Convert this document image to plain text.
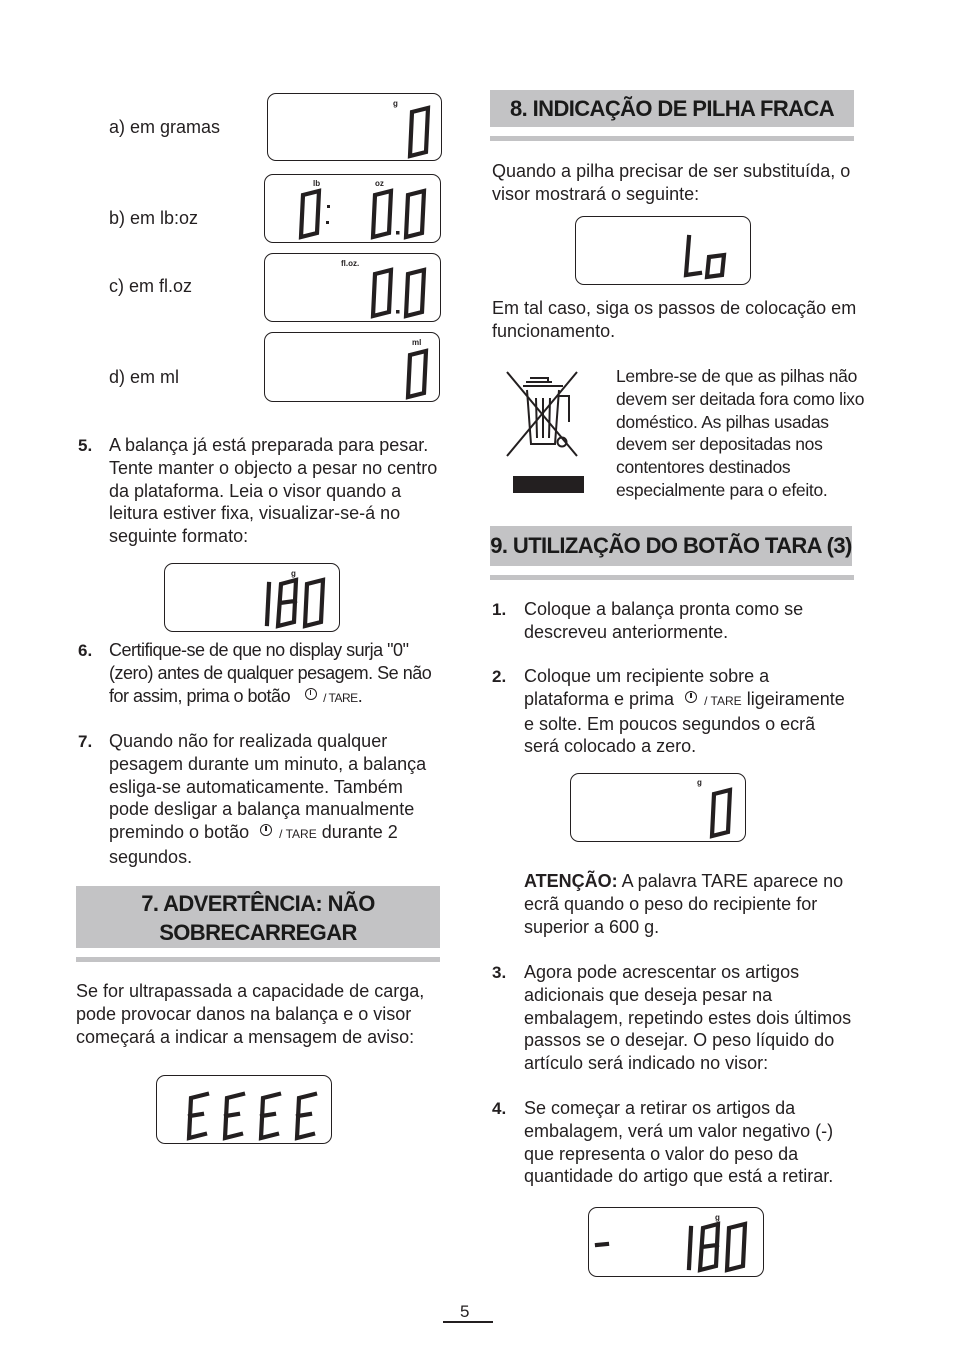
a) em gramas
g
b) em lb:oz
lb	oz
c) em fl.oz
fl.oz.
d) em ml
ml
5. A balança já está preparada para pesar. Tente manter o objecto a pesar no centro da plataforma. Leia o visor quando a leitura estiver fixa, visualizar-se-á no seguinte formato:
g
6. Certifique-se de que no display surja "0" (zero) antes de qualquer pesagem. Se não for assim, prima o botão	/ TARE.
7. Quando não for realizada qualquer pesagem durante um minuto, a balança esliga-se automaticamente. Também pode desligar a balança manualmente premindo o botão	/ TARE durante 2 segundos.
7. ADVERTÊNCIA: NÃO
SOBRECARREGAR
Se for ultrapassada a capacidade de carga, pode provocar danos na balança e o visor começará a indicar a mensagem de aviso:
8. INDICAÇÃO DE PILHA FRACA
Quando a pilha precisar de ser substituída, o visor mostrará o seguinte:
Em tal caso, siga os passos de colocação em funcionamento.
Lembre-se de que as pilhas não devem ser deitada fora como lixo doméstico. As pilhas usadas devem ser depositadas nos contentores destinados especialmente para o efeito.
9. UTILIZAÇÃO DO BOTÃO TARA (3)
1. Coloque a balança pronta como se descreveu anteriormente.
2. Coloque um recipiente sobre a plataforma e prima	/ TARE ligeiramente e solte. Em poucos segundos o ecrã será colocado a zero.
g
ATENÇÃO: A palavra TARE aparece no ecrã quando o peso do recipiente for superior a 600 g.
3. Agora pode acrescentar os artigos adicionais que deseja pesar na embalagem, repetindo estes dois últimos passos se o desejar. O peso líquido do artículo será indicado no visor:
4. Se começar a retirar os artigos da embalagem, verá um valor negativo (-) que representa o valor do peso da quantidade do artigo que está a retirar.
g
5
